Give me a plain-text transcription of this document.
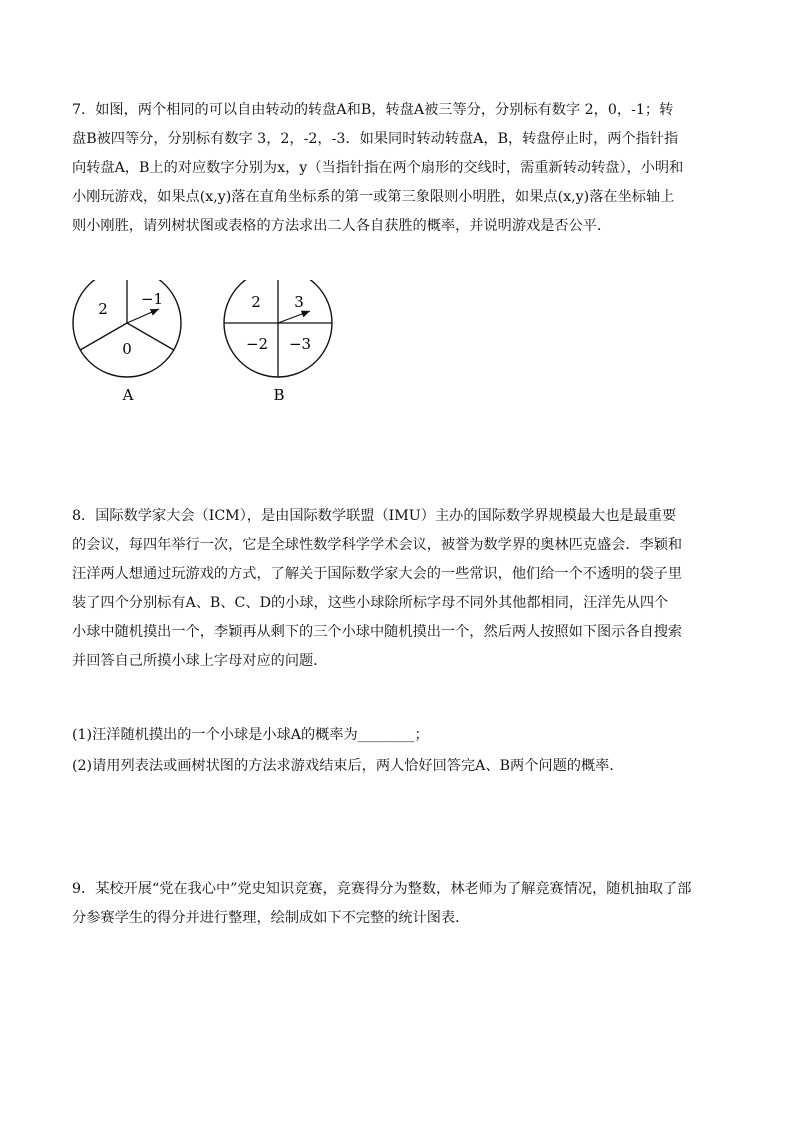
7．如图，两个相同的可以自由转动的转盘A和B，转盘A被三等分，分别标有数字 2，0，-1；转
盘B被四等分，分别标有数字 3，2，-2，-3．如果同时转动转盘A，B，转盘停止时，两个指针指
向转盘A，B上的对应数字分别为x，y（当指针指在两个扇形的交线时，需重新转动转盘），小明和
小刚玩游戏，如果点(x,y)落在直角坐标系的第一或第三象限则小明胜，如果点(x,y)落在坐标轴上
则小刚胜，请列树状图或表格的方法求出二人各自获胜的概率，并说明游戏是否公平．
2
−1
0
A
2 3
−2 −3
B
8．国际数学家大会（ICM），是由国际数学联盟（IMU）主办的国际数学界规模最大也是最重要
的会议，每四年举行一次，它是全球性数学科学学术会议，被誉为数学界的奥林匹克盛会．李颖和
汪洋两人想通过玩游戏的方式，了解关于国际数学家大会的一些常识，他们给一个不透明的袋子里
装了四个分别标有A、B、C、D的小球，这些小球除所标字母不同外其他都相同，汪洋先从四个
小球中随机摸出一个，李颖再从剩下的三个小球中随机摸出一个，然后两人按照如下图示各自搜索
并回答自己所摸小球上字母对应的问题．
(1)汪洋随机摸出的一个小球是小球A的概率为________；
(2)请用列表法或画树状图的方法求游戏结束后，两人恰好回答完A、B两个问题的概率．
9．某校开展“党在我心中”党史知识竞赛，竞赛得分为整数，林老师为了解竞赛情况，随机抽取了部
分参赛学生的得分并进行整理，绘制成如下不完整的统计图表．
